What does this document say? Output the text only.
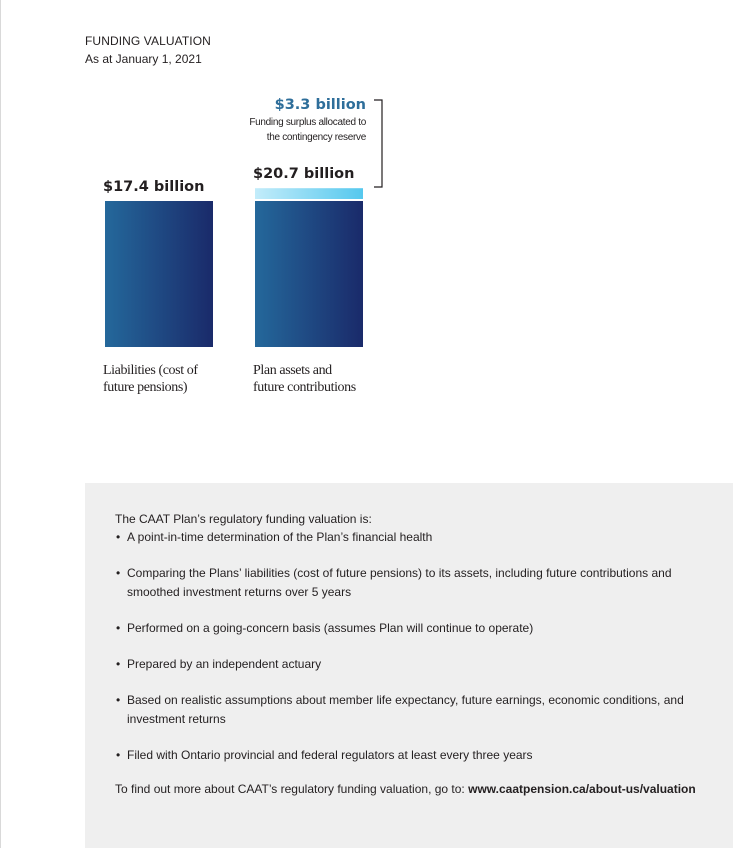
FUNDING VALUATION
As at January 1, 2021
$17.4 billion
Liabilities (cost of
future pensions)
$20.7 billion
Plan assets and
future contributions
$3.3 billion
Funding surplus allocated to
the contingency reserve

The CAAT Plan’s regulatory funding valuation is:

• A point-in-time determination of the Plan’s financial health
• Comparing the Plans’ liabilities (cost of future pensions) to its assets, including future contributions and smoothed investment returns over 5 years
• Performed on a going-concern basis (assumes Plan will continue to operate)
• Prepared by an independent actuary
• Based on realistic assumptions about member life expectancy, future earnings, economic conditions, and investment returns
• Filed with Ontario provincial and federal regulators at least every three years

To find out more about CAAT’s regulatory funding valuation, go to: www.caatpension.ca/about-us/valuation
